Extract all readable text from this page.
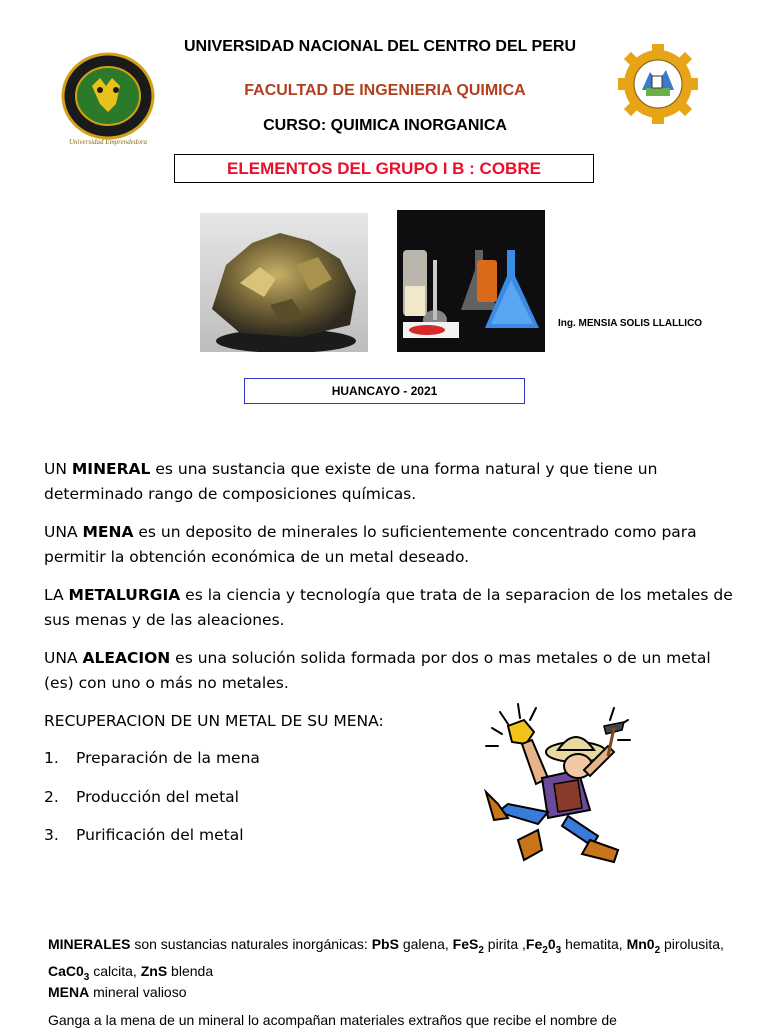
UNIVERSIDAD NACIONAL DEL CENTRO DEL PERU
FACULTAD DE INGENIERIA QUIMICA
CURSO: QUIMICA INORGANICA
ELEMENTOS DEL GRUPO I B : COBRE
Universidad Emprendedora
Ing. MENSIA SOLIS LLALLICO
HUANCAYO - 2021
UN MINERAL es una sustancia que existe de una forma natural y que tiene un determinado rango de composiciones químicas.
UNA MENA es un deposito de minerales lo suficientemente concentrado como para permitir la obtención económica de un metal deseado.
LA METALURGIA es la ciencia y tecnología que trata de la separacion de los metales de sus menas y de las aleaciones.
UNA ALEACION es una solución solida formada por dos o mas metales o de un metal (es) con uno o más no metales.
RECUPERACION DE UN METAL DE SU MENA:
1. Preparación de la mena
2. Producción del metal
3. Purificación del metal
MINERALES son sustancias naturales inorgánicas: PbS galena, FeS$_2$ pirita $,Fe_20_3$ hematita, $Mn0_2$ pirolusita, $CaC0_3$ calcita, ZnS blenda
MENA mineral valioso
Ganga a la mena de un mineral lo acompañan materiales extraños que recibe el nombre de
